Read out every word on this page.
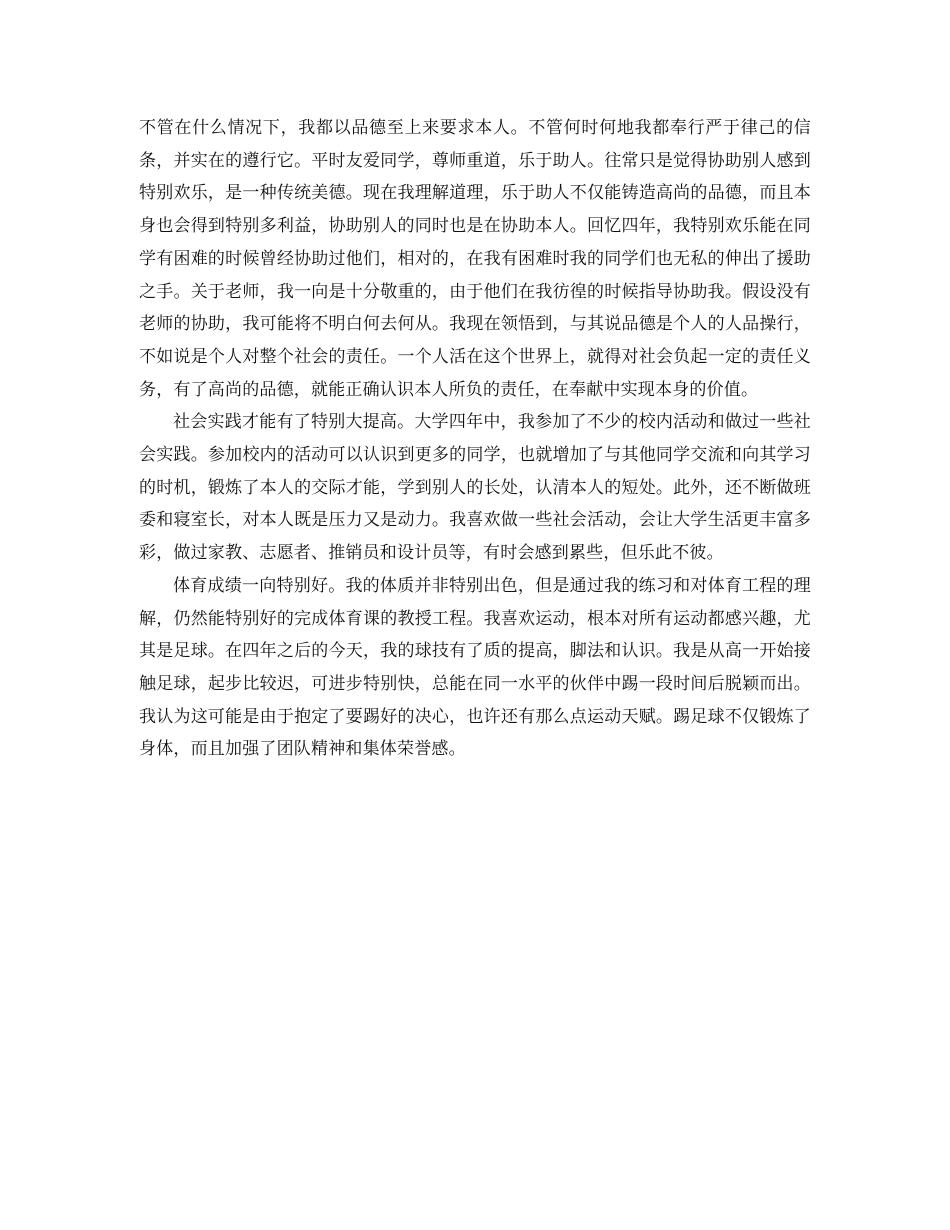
不管在什么情况下，我都以品德至上来要求本人。不管何时何地我都奉行严于律己的信条，并实在的遵行它。平时友爱同学，尊师重道，乐于助人。往常只是觉得协助别人感到特别欢乐，是一种传统美德。现在我理解道理，乐于助人不仅能铸造高尚的品德，而且本身也会得到特别多利益，协助别人的同时也是在协助本人。回忆四年，我特别欢乐能在同学有困难的时候曾经协助过他们，相对的，在我有困难时我的同学们也无私的伸出了援助之手。关于老师，我一向是十分敬重的，由于他们在我彷徨的时候指导协助我。假设没有老师的协助，我可能将不明白何去何从。我现在领悟到，与其说品德是个人的人品操行，不如说是个人对整个社会的责任。一个人活在这个世界上，就得对社会负起一定的责任义务，有了高尚的品德，就能正确认识本人所负的责任，在奉献中实现本身的价值。

社会实践才能有了特别大提高。大学四年中，我参加了不少的校内活动和做过一些社会实践。参加校内的活动可以认识到更多的同学，也就增加了与其他同学交流和向其学习的时机，锻炼了本人的交际才能，学到别人的长处，认清本人的短处。此外，还不断做班委和寝室长，对本人既是压力又是动力。我喜欢做一些社会活动，会让大学生活更丰富多彩，做过家教、志愿者、推销员和设计员等，有时会感到累些，但乐此不彼。

体育成绩一向特别好。我的体质并非特别出色，但是通过我的练习和对体育工程的理解，仍然能特别好的完成体育课的教授工程。我喜欢运动，根本对所有运动都感兴趣，尤其是足球。在四年之后的今天，我的球技有了质的提高，脚法和认识。我是从高一开始接触足球，起步比较迟，可进步特别快，总能在同一水平的伙伴中踢一段时间后脱颖而出。我认为这可能是由于抱定了要踢好的决心，也许还有那么点运动天赋。踢足球不仅锻炼了身体，而且加强了团队精神和集体荣誉感。
